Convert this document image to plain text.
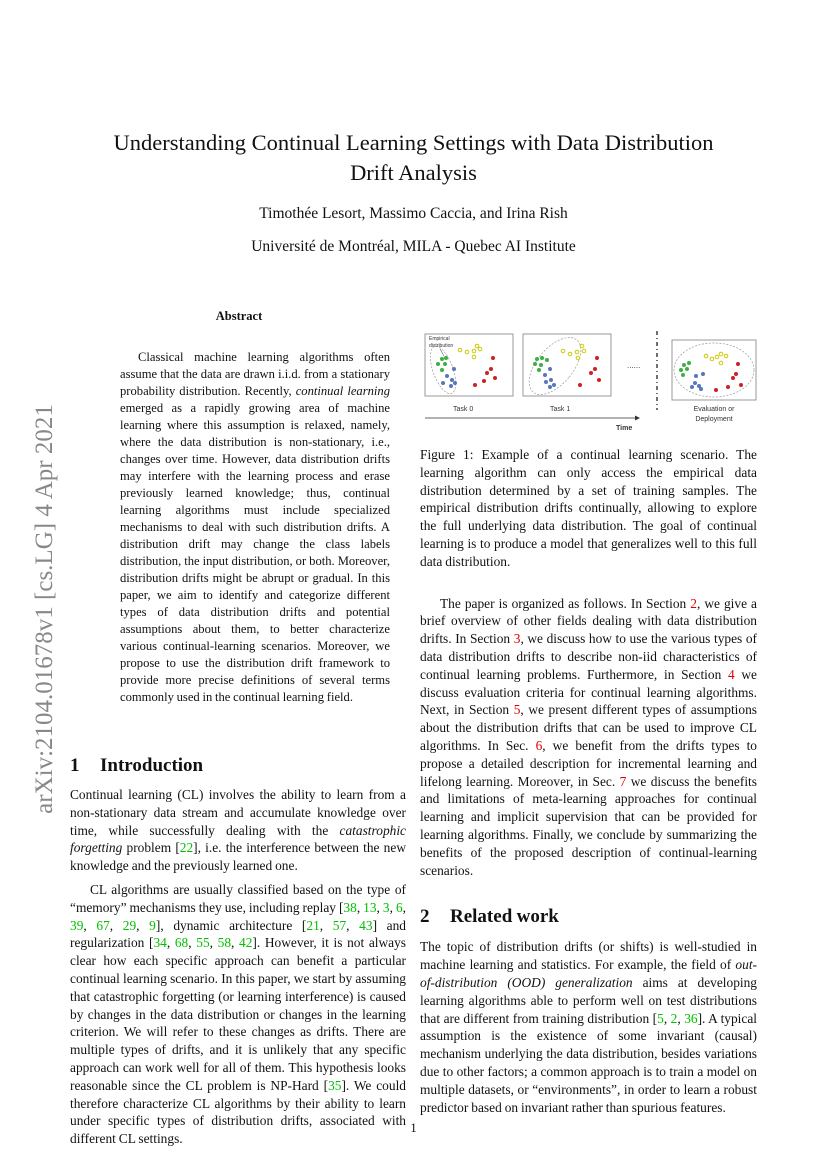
arXiv:2104.01678v1 [cs.LG] 4 Apr 2021
Understanding Continual Learning Settings with Data Distribution
Drift Analysis
Timothée Lesort, Massimo Caccia, and Irina Rish
Université de Montréal, MILA - Quebec AI Institute
Abstract
Classical machine learning algorithms often assume that the data are drawn i.i.d. from a stationary probability distribution. Recently, continual learning emerged as a rapidly growing area of machine learning where this assumption is relaxed, namely, where the data distribution is non-stationary, i.e., changes over time. However, data distribution drifts may interfere with the learning process and erase previously learned knowledge; thus, continual learning algorithms must include specialized mechanisms to deal with such distribution drifts. A distribution drift may change the class labels distribution, the input distribution, or both. Moreover, distribution drifts might be abrupt or gradual. In this paper, we aim to identify and categorize different types of data distribution drifts and potential assumptions about them, to better characterize various continual-learning scenarios. Moreover, we propose to use the distribution drift framework to provide more precise definitions of several terms commonly used in the continual learning field.
1 Introduction
Continual learning (CL) involves the ability to learn from a non-stationary data stream and accumulate knowledge over time, while successfully dealing with the catastrophic forgetting problem [22], i.e. the interference between the new knowledge and the previously learned one.
CL algorithms are usually classified based on the type of “memory” mechanisms they use, including replay [38, 13, 3, 6, 39, 67, 29, 9], dynamic architecture [21, 57, 43] and regularization [34, 68, 55, 58, 42]. However, it is not always clear how each specific approach can benefit a particular continual learning scenario. In this paper, we start by assuming that catastrophic forgetting (or learning interference) is caused by changes in the data distribution or changes in the learning criterion. We will refer to these changes as drifts. There are multiple types of drifts, and it is unlikely that any specific approach can work well for all of them. This hypothesis looks reasonable since the CL problem is NP-Hard [35]. We could therefore characterize CL algorithms by their ability to learn under specific types of distribution drifts, associated with different CL settings.
Empirical
distribution
......
Task 0	Task 1	Evaluation or
Deployment
Time
Figure 1: Example of a continual learning scenario. The learning algorithm can only access the empirical data distribution determined by a set of training samples. The empirical distribution drifts continually, allowing to explore the full underlying data distribution. The goal of continual learning is to produce a model that generalizes well to this full data distribution.
The paper is organized as follows. In Section 2, we give a brief overview of other fields dealing with data distribution drifts. In Section 3, we discuss how to use the various types of data distribution drifts to describe non-iid characteristics of continual learning problems. Furthermore, in Section 4 we discuss evaluation criteria for continual learning algorithms. Next, in Section 5, we present different types of assumptions about the distribution drifts that can be used to improve CL algorithms. In Sec. 6, we benefit from the drifts types to propose a detailed description for incremental learning and lifelong learning. Moreover, in Sec. 7 we discuss the benefits and limitations of meta-learning approaches for continual learning and implicit supervision that can be provided for learning algorithms. Finally, we conclude by summarizing the benefits of the proposed description of continual-learning scenarios.
2 Related work
The topic of distribution drifts (or shifts) is well-studied in machine learning and statistics. For example, the field of out-of-distribution (OOD) generalization aims at developing learning algorithms able to perform well on test distributions that are different from training distribution [5, 2, 36]. A typical assumption is the existence of some invariant (causal) mechanism underlying the data distribution, besides variations due to other factors; a common approach is to train a model on multiple datasets, or “environments”, in order to learn a robust predictor based on invariant rather than spurious features.
1
